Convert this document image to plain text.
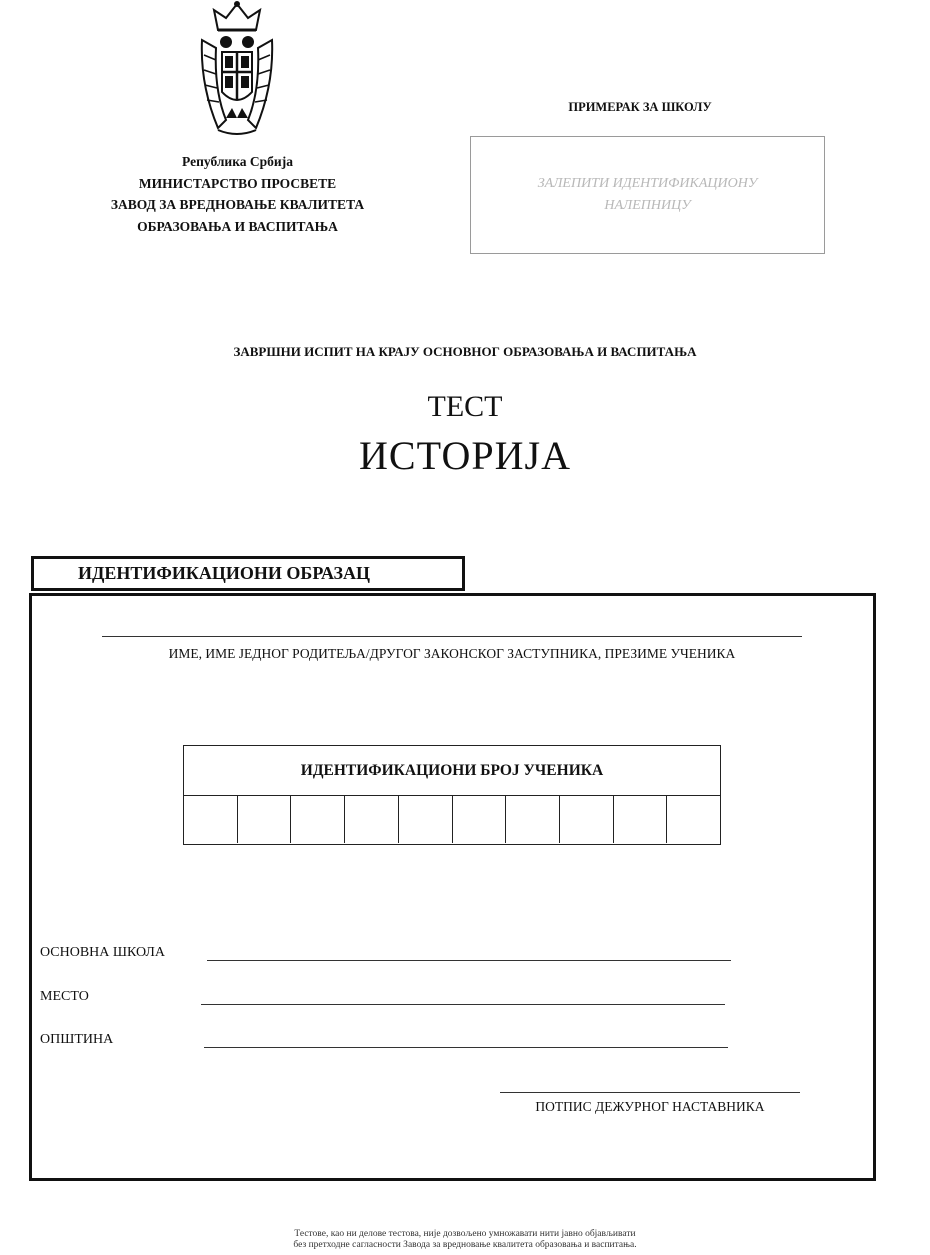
Република Србија
МИНИСТАРСТВО ПРОСВЕТЕ
ЗАВОД ЗА ВРЕДНОВАЊЕ КВАЛИТЕТА
ОБРАЗОВАЊА И ВАСПИТАЊА
ПРИМЕРАК ЗА ШКОЛУ
ЗАЛЕПИТИ ИДЕНТИФИКАЦИОНУ
НАЛЕПНИЦУ
ЗАВРШНИ ИСПИТ НА КРАЈУ ОСНОВНОГ ОБРАЗОВАЊА И ВАСПИТАЊА
ТЕСТ
ИСТОРИЈА
ИДЕНТИФИКАЦИОНИ ОБРАЗАЦ
ИМЕ, ИМЕ ЈЕДНОГ РОДИТЕЉА/ДРУГОГ ЗАКОНСКОГ ЗАСТУПНИКА, ПРЕЗИМЕ УЧЕНИКА
ИДЕНТИФИКАЦИОНИ БРОЈ УЧЕНИКА
ОСНОВНА ШКОЛА
МЕСТО
ОПШТИНА
ПОТПИС ДЕЖУРНОГ НАСТАВНИКА
Тестове, као ни делове тестова, није дозвољено умножавати нити јавно објављивати
без претходне сагласности Завода за вредновање квалитета образовања и васпитања.
